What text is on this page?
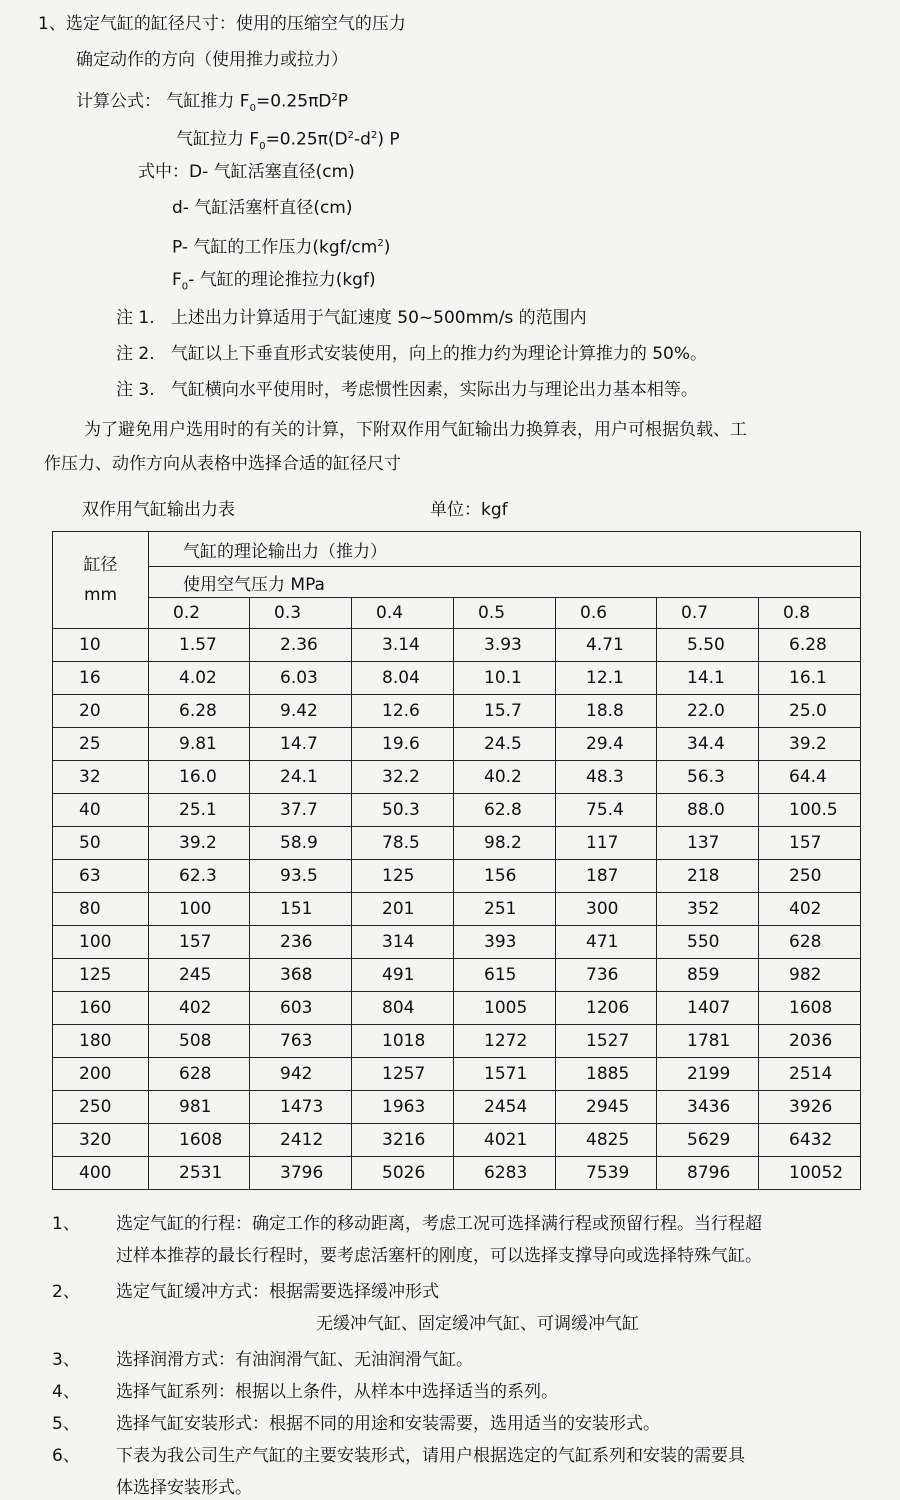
1、选定气缸的缸径尺寸：使用的压缩空气的压力
确定动作的方向（使用推力或拉力）
计算公式： 气缸推力 $F_0=0.25\pi D^2P$
气缸拉力 $F_0=0.25\pi(D^2-d^2)$ P
式中：D- 气缸活塞直径(cm)
d- 气缸活塞杆直径(cm)
P- 气缸的工作压力$(kgf/cm^2)$
$F_0-$ 气缸的理论推拉力(kgf)
注 1. 上述出力计算适用于气缸速度 50~500mm/s 的范围内
注 2. 气缸以上下垂直形式安装使用，向上的推力约为理论计算推力的 50%。
注 3. 气缸横向水平使用时，考虑惯性因素，实际出力与理论出力基本相等。
为了避免用户选用时的有关的计算，下附双作用气缸输出力换算表，用户可根据负载、工
作压力、动作方向从表格中选择合适的缸径尺寸
双作用气缸输出力表	单位：kgf
缸径
mm	气缸的理论输出力（推力）						
	使用空气压力 MPa						
	0.2	0.3	0.4	0.5	0.6	0.7	0.8
10	1.57	2.36	3.14	3.93	4.71	5.50	6.28
16	4.02	6.03	8.04	10.1	12.1	14.1	16.1
20	6.28	9.42	12.6	15.7	18.8	22.0	25.0
25	9.81	14.7	19.6	24.5	29.4	34.4	39.2
32	16.0	24.1	32.2	40.2	48.3	56.3	64.4
40	25.1	37.7	50.3	62.8	75.4	88.0	100.5
50	39.2	58.9	78.5	98.2	117	137	157
63	62.3	93.5	125	156	187	218	250
80	100	151	201	251	300	352	402
100	157	236	314	393	471	550	628
125	245	368	491	615	736	859	982
160	402	603	804	1005	1206	1407	1608
180	508	763	1018	1272	1527	1781	2036
200	628	942	1257	1571	1885	2199	2514
250	981	1473	1963	2454	2945	3436	3926
320	1608	2412	3216	4021	4825	5629	6432
400	2531	3796	5026	6283	7539	8796	10052
1、 选定气缸的行程：确定工作的移动距离，考虑工况可选择满行程或预留行程。当行程超
过样本推荐的最长行程时，要考虑活塞杆的刚度，可以选择支撑导向或选择特殊气缸。
2、 选定气缸缓冲方式：根据需要选择缓冲形式
无缓冲气缸、固定缓冲气缸、可调缓冲气缸
3、 选择润滑方式：有油润滑气缸、无油润滑气缸。
4、 选择气缸系列：根据以上条件，从样本中选择适当的系列。
5、 选择气缸安装形式：根据不同的用途和安装需要，选用适当的安装形式。
6、 下表为我公司生产气缸的主要安装形式，请用户根据选定的气缸系列和安装的需要具
体选择安装形式。
